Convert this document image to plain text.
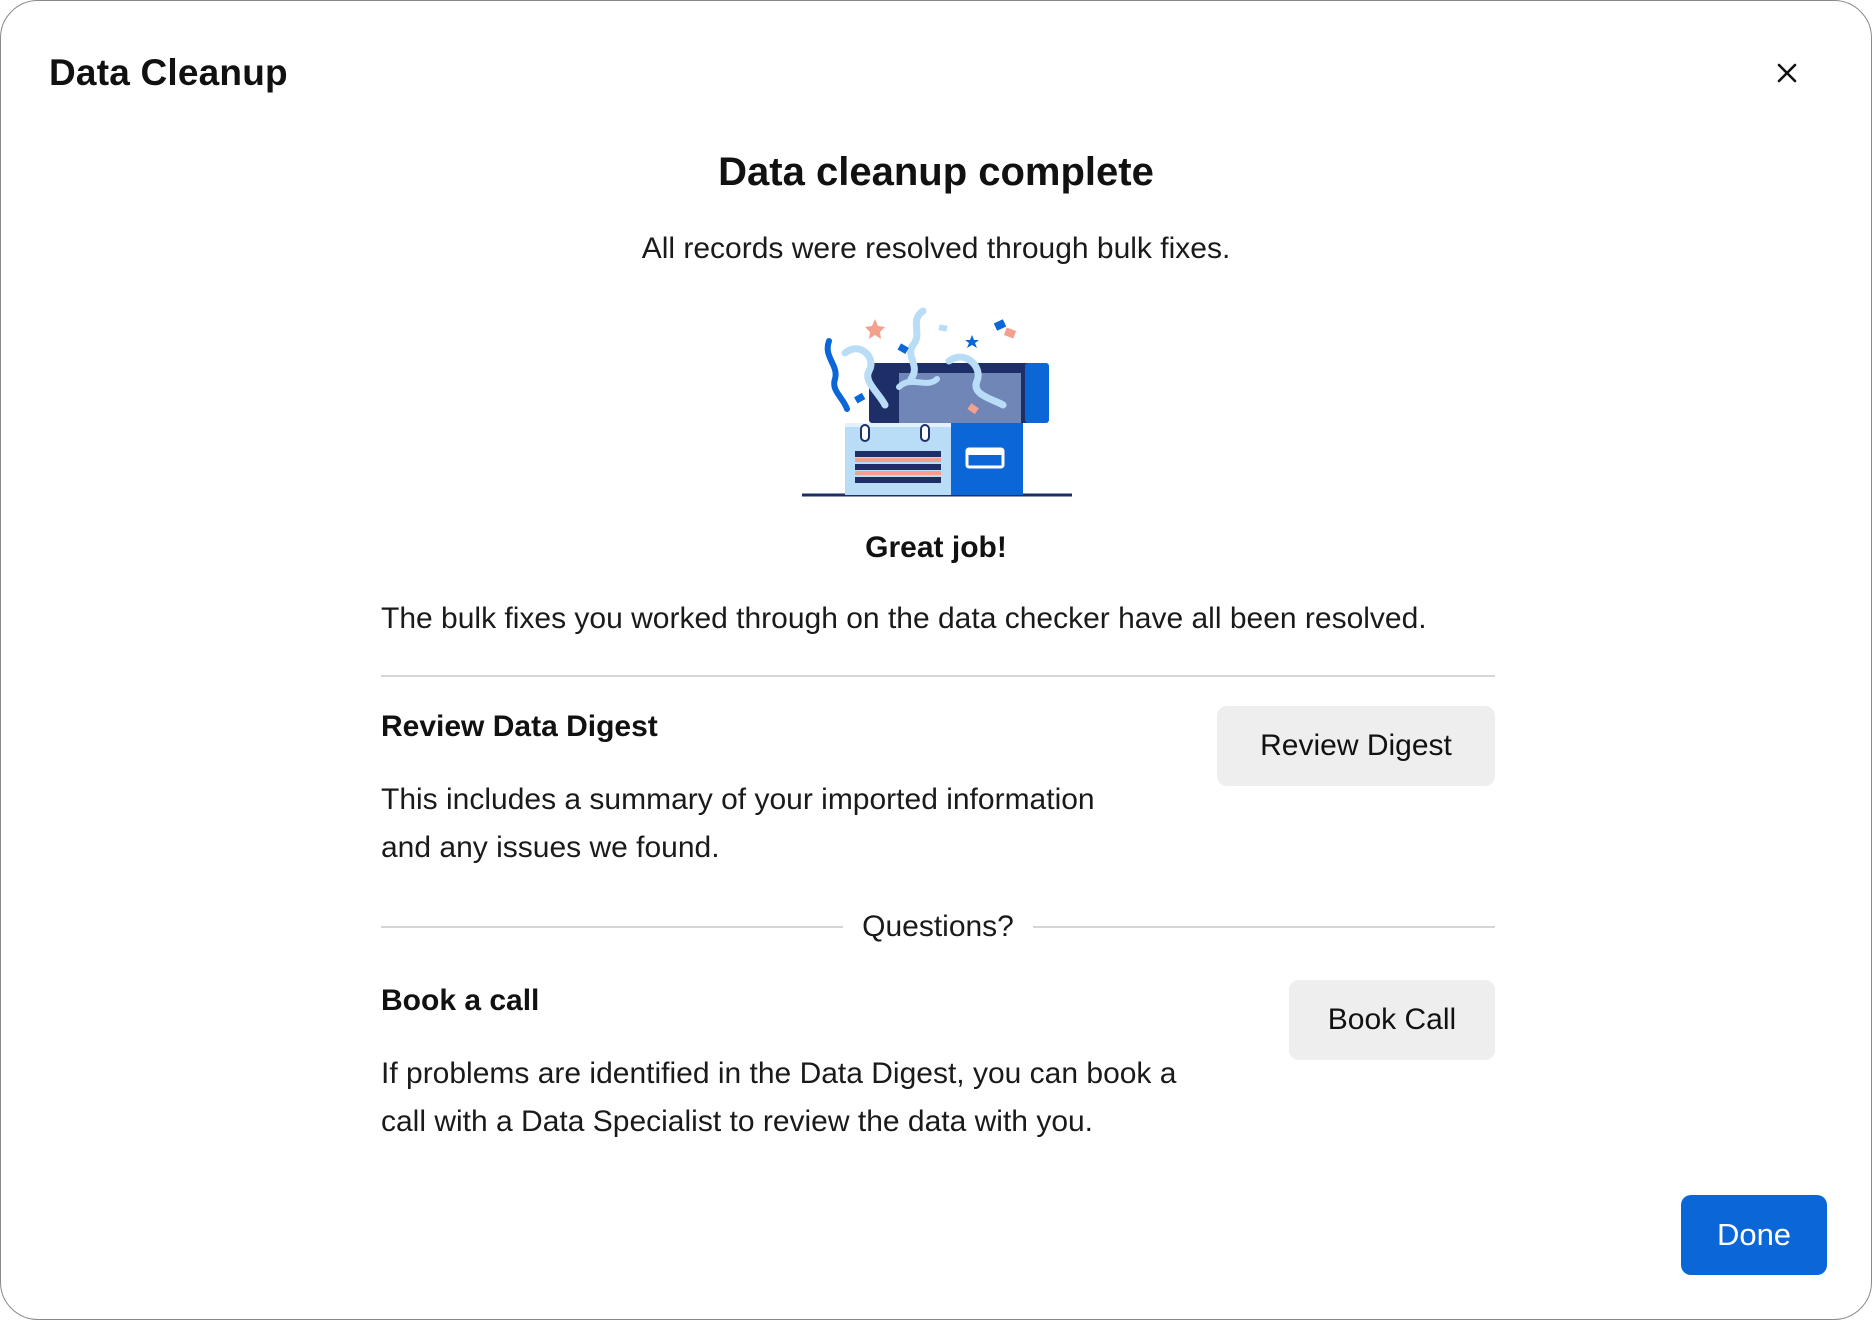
Data Cleanup
Data cleanup complete

All records were resolved through bulk fixes.

Great job!

The bulk fixes you worked through on the data checker have all been resolved.

Review Data Digest

This includes a summary of your imported information
and any issues we found.

Review Digest
Questions?
Book a call

If problems are identified in the Data Digest, you can book a
call with a Data Specialist to review the data with you.

Book Call
Done
